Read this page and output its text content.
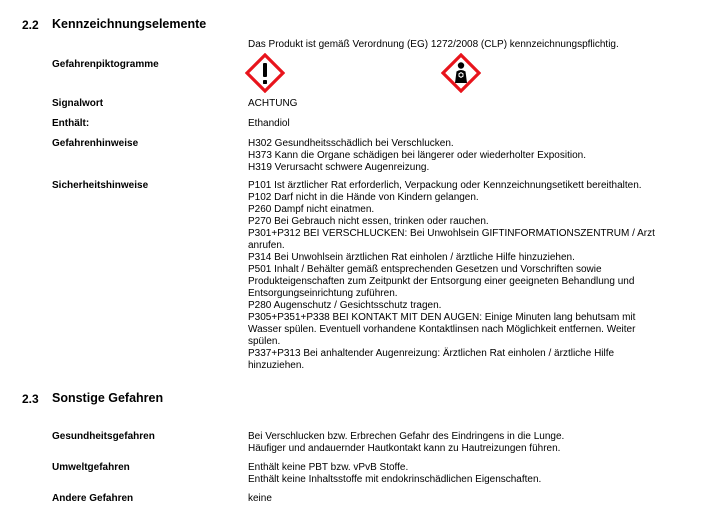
2.2 Kennzeichnungselemente
Das Produkt ist gemäß Verordnung (EG) 1272/2008 (CLP) kennzeichnungspflichtig.
Gefahrenpiktogramme
Signalwort	ACHTUNG
Enthält:	Ethandiol
Gefahrenhinweise	H302 Gesundheitsschädlich bei Verschlucken.
H373 Kann die Organe schädigen bei längerer oder wiederholter Exposition.
H319 Verursacht schwere Augenreizung.
Sicherheitshinweise	P101 Ist ärztlicher Rat erforderlich, Verpackung oder Kennzeichnungsetikett bereithalten.
P102 Darf nicht in die Hände von Kindern gelangen.
P260 Dampf nicht einatmen.
P270 Bei Gebrauch nicht essen, trinken oder rauchen.
P301+P312 BEI VERSCHLUCKEN: Bei Unwohlsein GIFTINFORMATIONSZENTRUM / Arzt
anrufen.
P314 Bei Unwohlsein ärztlichen Rat einholen / ärztliche Hilfe hinzuziehen.
P501 Inhalt / Behälter gemäß entsprechenden Gesetzen und Vorschriften sowie
Produkteigenschaften zum Zeitpunkt der Entsorgung einer geeigneten Behandlung und
Entsorgungseinrichtung zuführen.
P280 Augenschutz / Gesichtsschutz tragen.
P305+P351+P338 BEI KONTAKT MIT DEN AUGEN: Einige Minuten lang behutsam mit
Wasser spülen. Eventuell vorhandene Kontaktlinsen nach Möglichkeit entfernen. Weiter
spülen.
P337+P313 Bei anhaltender Augenreizung: Ärztlichen Rat einholen / ärztliche Hilfe
hinzuziehen.
2.3 Sonstige Gefahren
Gesundheitsgefahren	Bei Verschlucken bzw. Erbrechen Gefahr des Eindringens in die Lunge.
Häufiger und andauernder Hautkontakt kann zu Hautreizungen führen.
Umweltgefahren	Enthält keine PBT bzw. vPvB Stoffe.
Enthält keine Inhaltsstoffe mit endokrinschädlichen Eigenschaften.
Andere Gefahren	keine
